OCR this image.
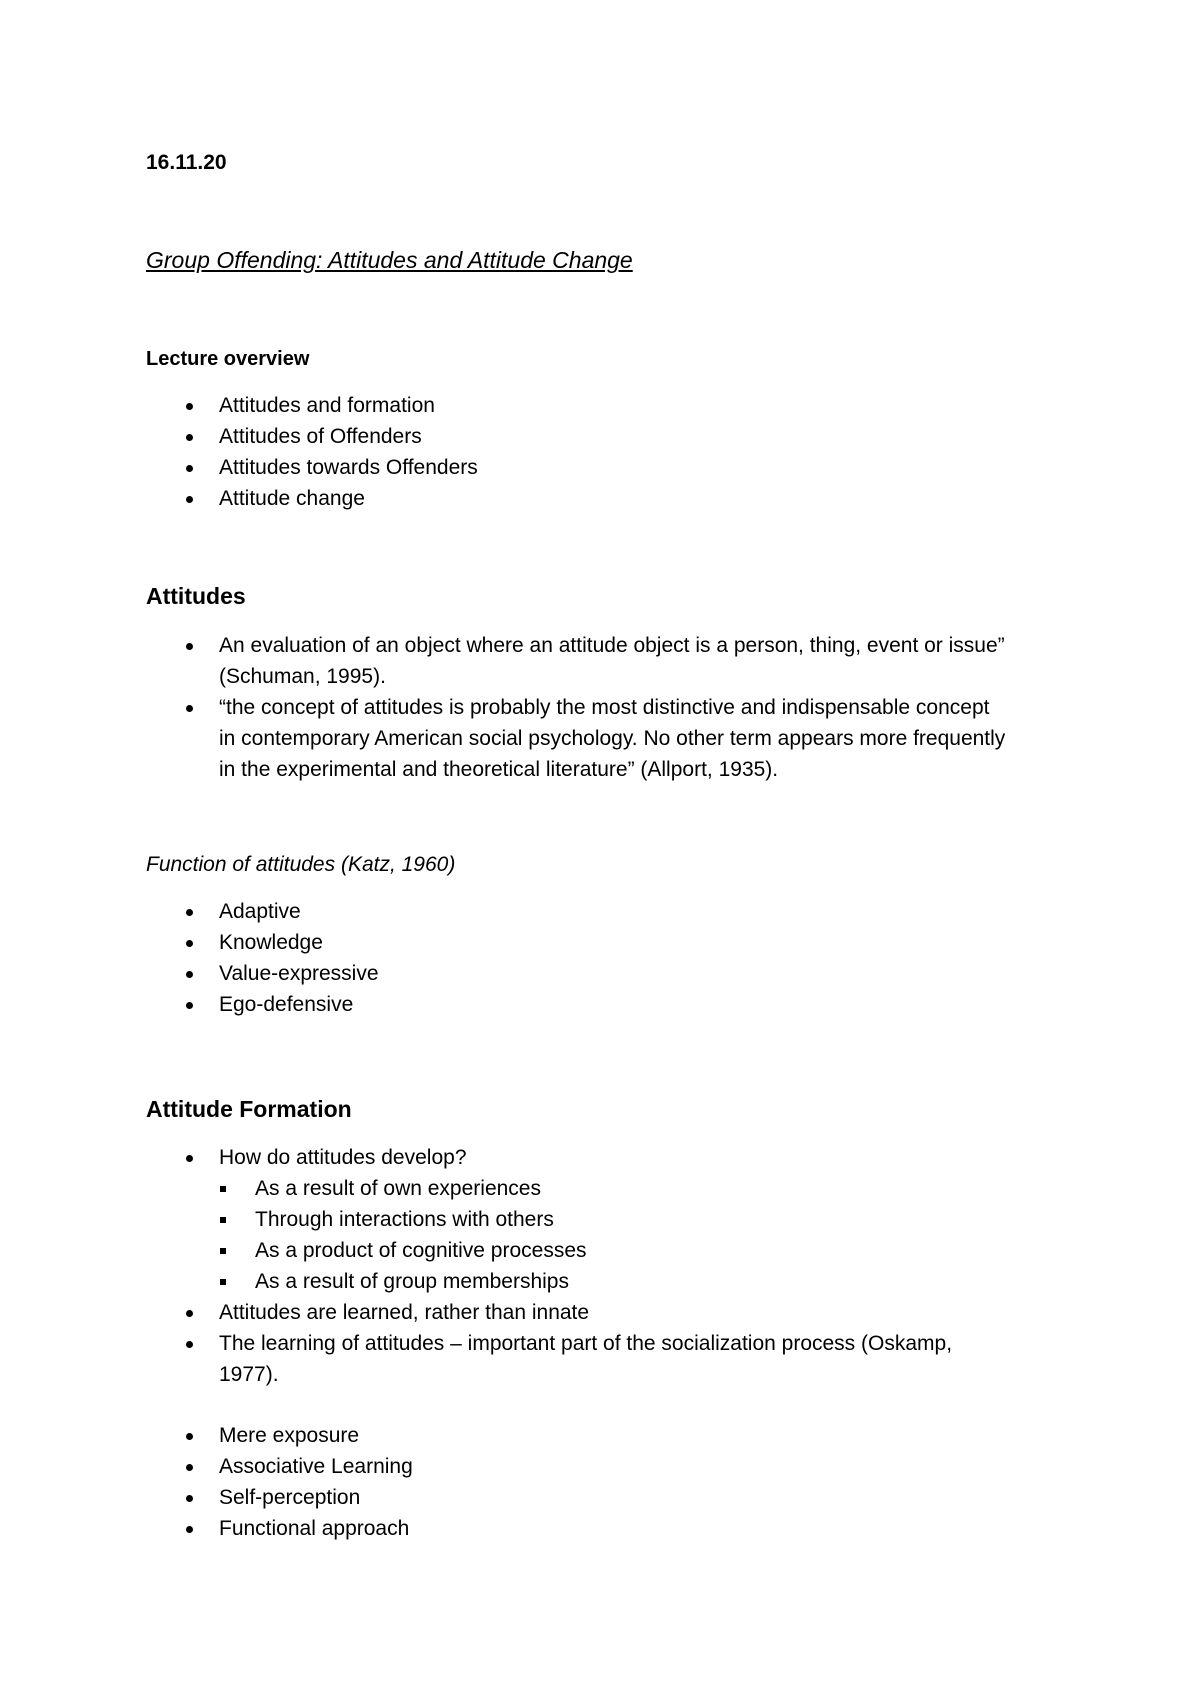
16.11.20
Group Offending: Attitudes and Attitude Change
Lecture overview
Attitudes and formation
Attitudes of Offenders
Attitudes towards Offenders
Attitude change
Attitudes
An evaluation of an object where an attitude object is a person, thing, event or issue”
(Schuman, 1995).
“the concept of attitudes is probably the most distinctive and indispensable concept
in contemporary American social psychology. No other term appears more frequently
in the experimental and theoretical literature” (Allport, 1935).
Function of attitudes (Katz, 1960)
Adaptive
Knowledge
Value-expressive
Ego-defensive
Attitude Formation
How do attitudes develop?
As a result of own experiences
Through interactions with others
As a product of cognitive processes
As a result of group memberships
Attitudes are learned, rather than innate
The learning of attitudes – important part of the socialization process (Oskamp,
1977).
Mere exposure
Associative Learning
Self-perception
Functional approach
